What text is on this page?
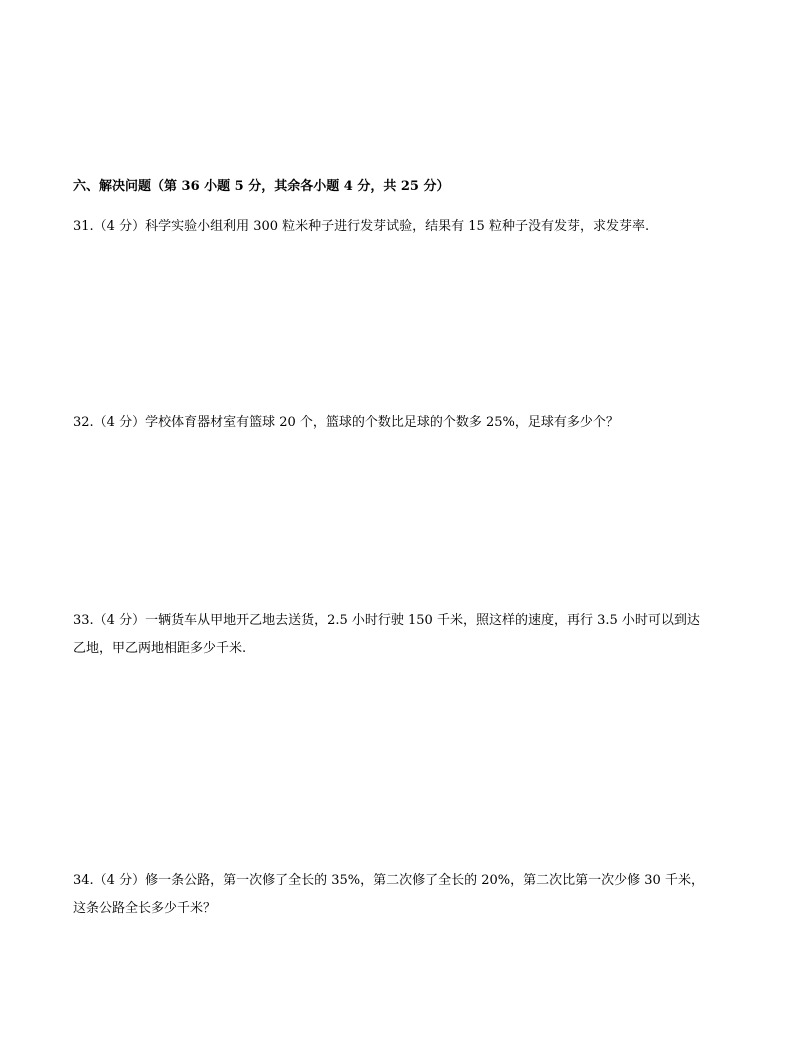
六、解决问题（第 36 小题 5 分，其余各小题 4 分，共 25 分）
31.（4 分）科学实验小组利用 300 粒米种子进行发芽试验，结果有 15 粒种子没有发芽，求发芽率.
32.（4 分）学校体育器材室有篮球 20 个，篮球的个数比足球的个数多 25%，足球有多少个？
33.（4 分）一辆货车从甲地开乙地去送货，2.5 小时行驶 150 千米，照这样的速度，再行 3.5 小时可以到达
乙地，甲乙两地相距多少千米.
34.（4 分）修一条公路，第一次修了全长的 35%，第二次修了全长的 20%，第二次比第一次少修 30 千米，
这条公路全长多少千米？
